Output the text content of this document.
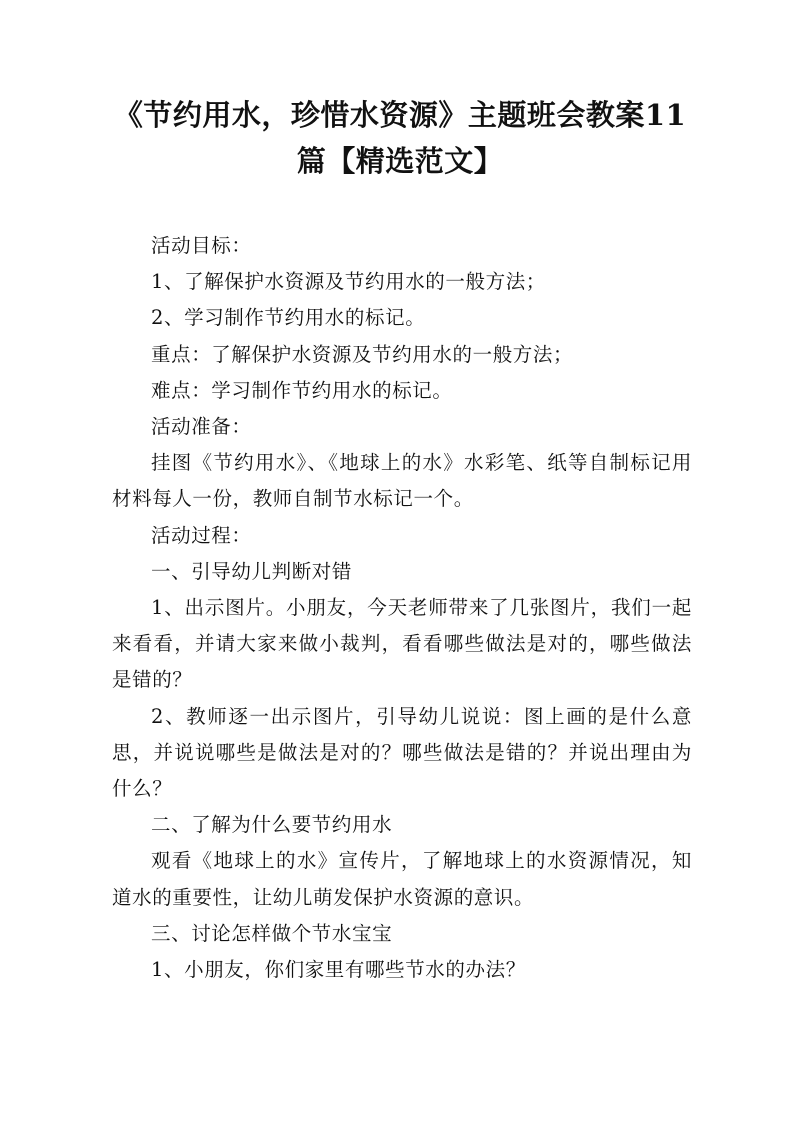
《节约用水，珍惜水资源》主题班会教案11篇【精选范文】

活动目标：

1、了解保护水资源及节约用水的一般方法；

2、学习制作节约用水的标记。

重点：了解保护水资源及节约用水的一般方法；

难点：学习制作节约用水的标记。

活动准备：

挂图《节约用水》、《地球上的水》水彩笔、纸等自制标记用材料每人一份，教师自制节水标记一个。

活动过程：

一、引导幼儿判断对错

1、出示图片。小朋友，今天老师带来了几张图片，我们一起来看看，并请大家来做小裁判，看看哪些做法是对的，哪些做法是错的？

2、教师逐一出示图片，引导幼儿说说：图上画的是什么意思，并说说哪些是做法是对的？哪些做法是错的？并说出理由为什么？

二、了解为什么要节约用水

观看《地球上的水》宣传片，了解地球上的水资源情况，知道水的重要性，让幼儿萌发保护水资源的意识。

三、讨论怎样做个节水宝宝

1、小朋友，你们家里有哪些节水的办法？
